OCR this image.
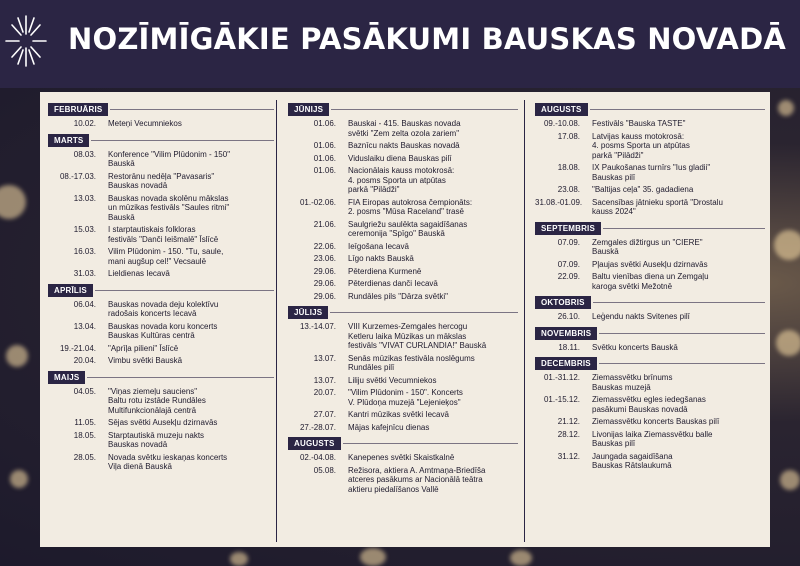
NOZĪMĪGĀKIE PASĀKUMI BAUSKAS NOVADĀ
FEBRUĀRIS
10.02.	Meteņi Vecumniekos
MARTS
08.03.	Konference "Vilim Plūdonim - 150"
Bauskā
08.-17.03.	Restorānu nedēļa "Pavasaris"
Bauskas novadā
13.03.	Bauskas novada skolēnu mākslas
un mūzikas festivāls "Saules ritmi"
Bauskā
15.03.	I starptautiskais folkloras
festivāls "Danči Ieišmalē" Īslīcē
16.03.	Vilim Plūdonim - 150. "Tu, saule,
mani augšup cel!" Vecsaulē
31.03.	Lieldienas Iecavā
APRĪLIS
06.04.	Bauskas novada deju kolektīvu
radošais koncerts Iecavā
13.04.	Bauskas novada koru koncerts
Bauskas Kultūras centrā
19.-21.04.	"Aprīļa pilieni" Īslīcē
20.04.	Vimbu svētki Bauskā
MAIJS
04.05.	"Viņas ziemeļu sauciens"
Baltu rotu izstāde Rundāles
Multifunkcionālajā centrā
11.05.	Sējas svētki Ausekļu dzirnavās
18.05.	Starptautiskā muzeju nakts
Bauskas novadā
28.05.	Novada svētku ieskaņas koncerts
Viļa dienā Bauskā
JŪNIJS
01.06.	Bauskai - 415. Bauskas novada
svētki "Zem zelta ozola zariem"
01.06.	Baznīcu nakts Bauskas novadā
01.06.	Viduslaiku diena Bauskas pilī
01.06.	Nacionālais kauss motokrosā:
4. posms Sporta un atpūtas
parkā "Pilādži"
01.-02.06.	FIA Eiropas autokrosa čempionāts:
2. posms "Mūsa Raceland" trasē
21.06.	Saulgriežu saulēkta sagaidīšanas
ceremonija "Spīgo" Bauskā
22.06.	Ieīgošana Iecavā
23.06.	Līgo nakts Bauskā
29.06.	Pēterdiena Kurmenē
29.06.	Pēterdienas danči Iecavā
29.06.	Rundāles pils "Dārza svētki"
JŪLIJS
13.-14.07.	VIII Kurzemes-Zemgales hercogu
Ketleru laika Mūzikas un mākslas
festivāls "VIVAT CURLANDIA!" Bauskā
13.07.	Senās mūzikas festivāla noslēgums
Rundāles pilī
13.07.	Liliju svētki Vecumniekos
20.07.	"Vilim Plūdonim - 150". Koncerts
V. Plūdoņa muzejā "Lejenieķos"
27.07.	Kantri mūzikas svētki Iecavā
27.-28.07.	Mājas kafejnīcu dienas
AUGUSTS
02.-04.08.	Kanepenes svētki Skaistkalnē
05.08.	Režisora, aktiera A. Amtmaņa-Briedīša
atceres pasākums ar Nacionālā teātra
aktieru piedalīšanos Vallē
AUGUSTS
09.-10.08.	Festivāls "Bauska TASTE"
17.08.	Latvijas kauss motokrosā:
4. posms Sporta un atpūtas
parkā "Pilādži"
18.08.	IX Paukošanas turnīrs "Ius gladii"
Bauskas pilī
23.08.	"Baltijas ceļa" 35. gadadiena
31.08.-01.09.	Sacensības jātnieku sportā "Drostalu
kauss 2024"
SEPTEMBRIS
07.09.	Zemgales dižtirgus un "CIERE"
Bauskā
07.09.	Pļaujas svētki Ausekļu dzirnavās
22.09.	Baltu vienības diena un Zemgaļu
karoga svētki Mežotnē
OKTOBRIS
26.10.	Leģendu nakts Svitenes pilī
NOVEMBRIS
18.11.	Svētku koncerts Bauskā
DECEMBRIS
01.-31.12.	Ziemassvētku brīnums
Bauskas muzejā
01.-15.12.	Ziemassvētku egles iedegšanas
pasākumi Bauskas novadā
21.12.	Ziemassvētku koncerts Bauskas pilī
28.12.	Livonijas laika Ziemassvētku balle
Bauskas pilī
31.12.	Jaungada sagaidīšana
Bauskas Rātslaukumā
